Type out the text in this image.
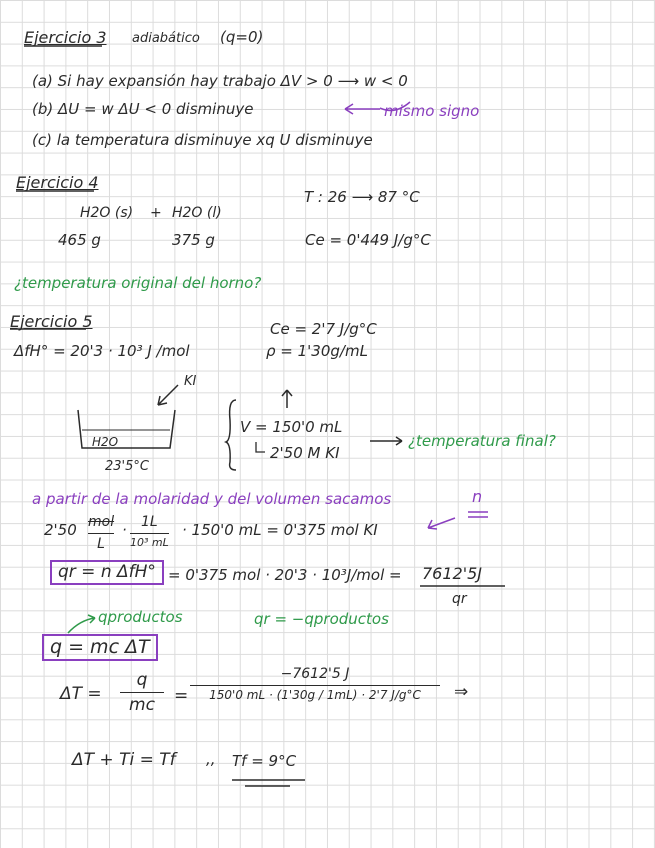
Ejercicio 3 adiabático (q=0)
(a) Si hay expansión hay trabajo ΔV > 0 ⟶ w < 0
(b) ΔU = w ΔU < 0 disminuye	mismo signo
(c) la temperatura disminuye xq U disminuye
Ejercicio 4
H2O (s) + H2O (l)
T : 26 ⟶ 87 °C
465 g	375 g	Ce = 0'449 J/g°C
¿temperatura original del horno?
Ejercicio 5	Ce = 2'7 J/g°C
ΔfH° = 20'3 · 10³ J /mol	ρ = 1'30g/mL
KI
H2O
23'5°C
V = 150'0 mL
2'50 M KI
¿temperatura final?
a partir de la molaridad y del volumen sacamos	n
2'50 mol
L
·	1L
10³ mL
· 150'0 mL = 0'375 mol KI
qr = n ΔfH° = 0'375 mol · 20'3 · 10³J/mol = 7612'5J
qr
qproductos	qr = −qproductos
q = mc ΔT
ΔT =
q
mc	=
−7612'5 J
150'0 mL · (1'30g / 1mL) · 2'7 J/g°C	⇒
ΔT + Ti = Tf ,, Tf = 9°C
